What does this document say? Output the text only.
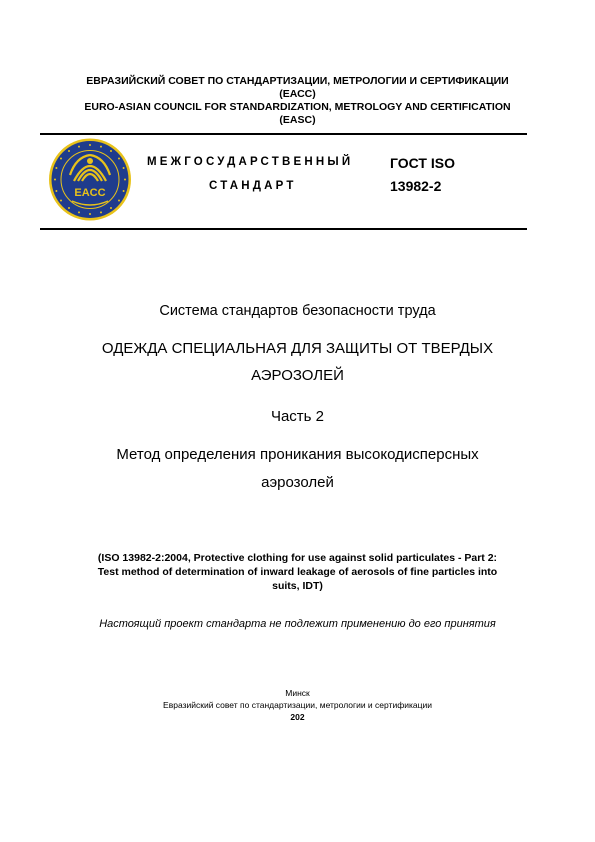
ЕВРАЗИЙСКИЙ СОВЕТ ПО СТАНДАРТИЗАЦИИ, МЕТРОЛОГИИ И СЕРТИФИКАЦИИ
(ЕАСС)
EURO-ASIAN COUNCIL FOR STANDARDIZATION, METROLOGY AND CERTIFICATION
(EASC)
EACC
МЕЖГОСУДАРСТВЕННЫЙ
СТАНДАРТ
ГОСТ ISO
13982-2
Система стандартов безопасности труда
ОДЕЖДА СПЕЦИАЛЬНАЯ ДЛЯ ЗАЩИТЫ ОТ ТВЕРДЫХ
АЭРОЗОЛЕЙ
Часть 2
Метод определения проникания высокодисперсных
аэрозолей
(ISO 13982-2:2004, Protective clothing for use against solid particulates - Part 2:
Test method of determination of inward leakage of aerosols of fine particles into
suits, IDT)
Настоящий проект стандарта не подлежит применению до его принятия
Минск
Евразийский совет по стандартизации, метрологии и сертификации
202
